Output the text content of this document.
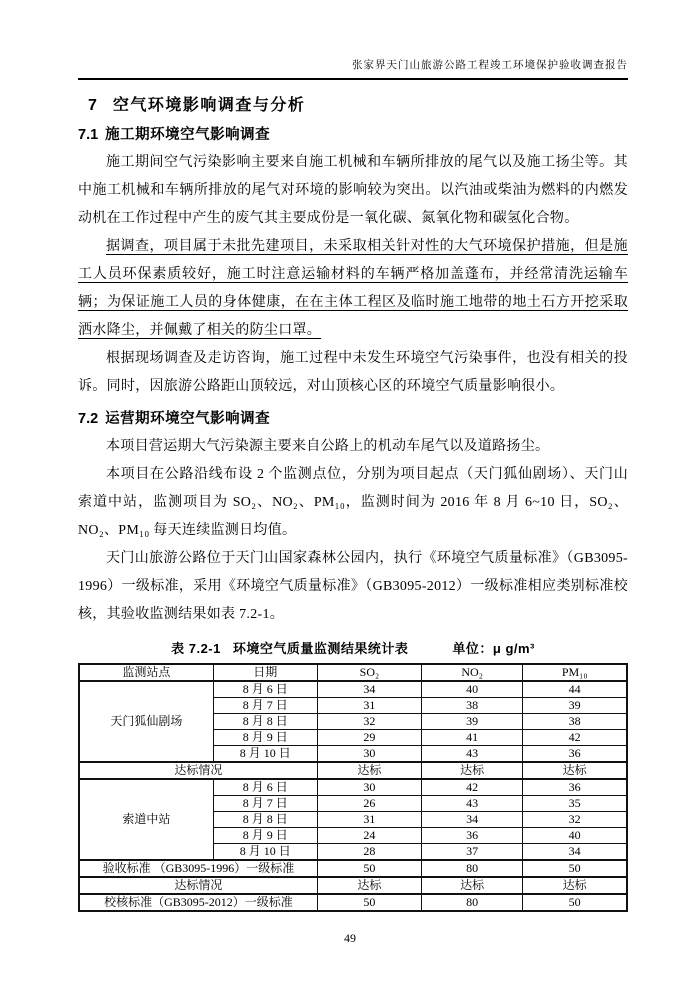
张家界天门山旅游公路工程竣工环境保护验收调查报告
7 空气环境影响调查与分析
7.1 施工期环境空气影响调查

施工期间空气污染影响主要来自施工机械和车辆所排放的尾气以及施工扬尘等。其中施工机械和车辆所排放的尾气对环境的影响较为突出。以汽油或柴油为燃料的内燃发动机在工作过程中产生的废气其主要成份是一氧化碳、氮氧化物和碳氢化合物。

据调查，项目属于未批先建项目，未采取相关针对性的大气环境保护措施，但是施工人员环保素质较好，施工时注意运输材料的车辆严格加盖蓬布，并经常清洗运输车辆；为保证施工人员的身体健康，在在主体工程区及临时施工地带的地土石方开挖采取洒水降尘，并佩戴了相关的防尘口罩。

根据现场调查及走访咨询，施工过程中未发生环境空气污染事件，也没有相关的投诉。同时，因旅游公路距山顶较远，对山顶核心区的环境空气质量影响很小。

7.2 运营期环境空气影响调查

本项目营运期大气污染源主要来自公路上的机动车尾气以及道路扬尘。

本项目在公路沿线布设 2 个监测点位，分别为项目起点（天门狐仙剧场）、天门山索道中站，监测项目为 SO₂、NO₂、PM₁₀，监测时间为 2016 年 8 月 6~10 日，SO₂、NO₂、PM₁₀ 每天连续监测日均值。

天门山旅游公路位于天门山国家森林公园内，执行《环境空气质量标准》（GB3095-1996）一级标准，采用《环境空气质量标准》（GB3095-2012）一级标准相应类别标准校核，其验收监测结果如表 7.2-1。

表 7.2-1 环境空气质量监测结果统计表	单位：μ g/m³
监测站点	日期	SO₂	NO₂	PM₁₀
天门狐仙剧场	8 月 6 日	34	40	44
	8 月 7 日	31	38	39
	8 月 8 日	32	39	38
	8 月 9 日	29	41	42
	8 月 10 日	30	43	36
达标情况		达标	达标	达标
索道中站	8 月 6 日	30	42	36
	8 月 7 日	26	43	35
	8 月 8 日	31	34	32
	8 月 9 日	24	36	40
	8 月 10 日	28	37	34
验收标准 （GB3095-1996）一级标准		50	80	50
达标情况		达标	达标	达标
校核标准（GB3095-2012）一级标准		50	80	50
49
